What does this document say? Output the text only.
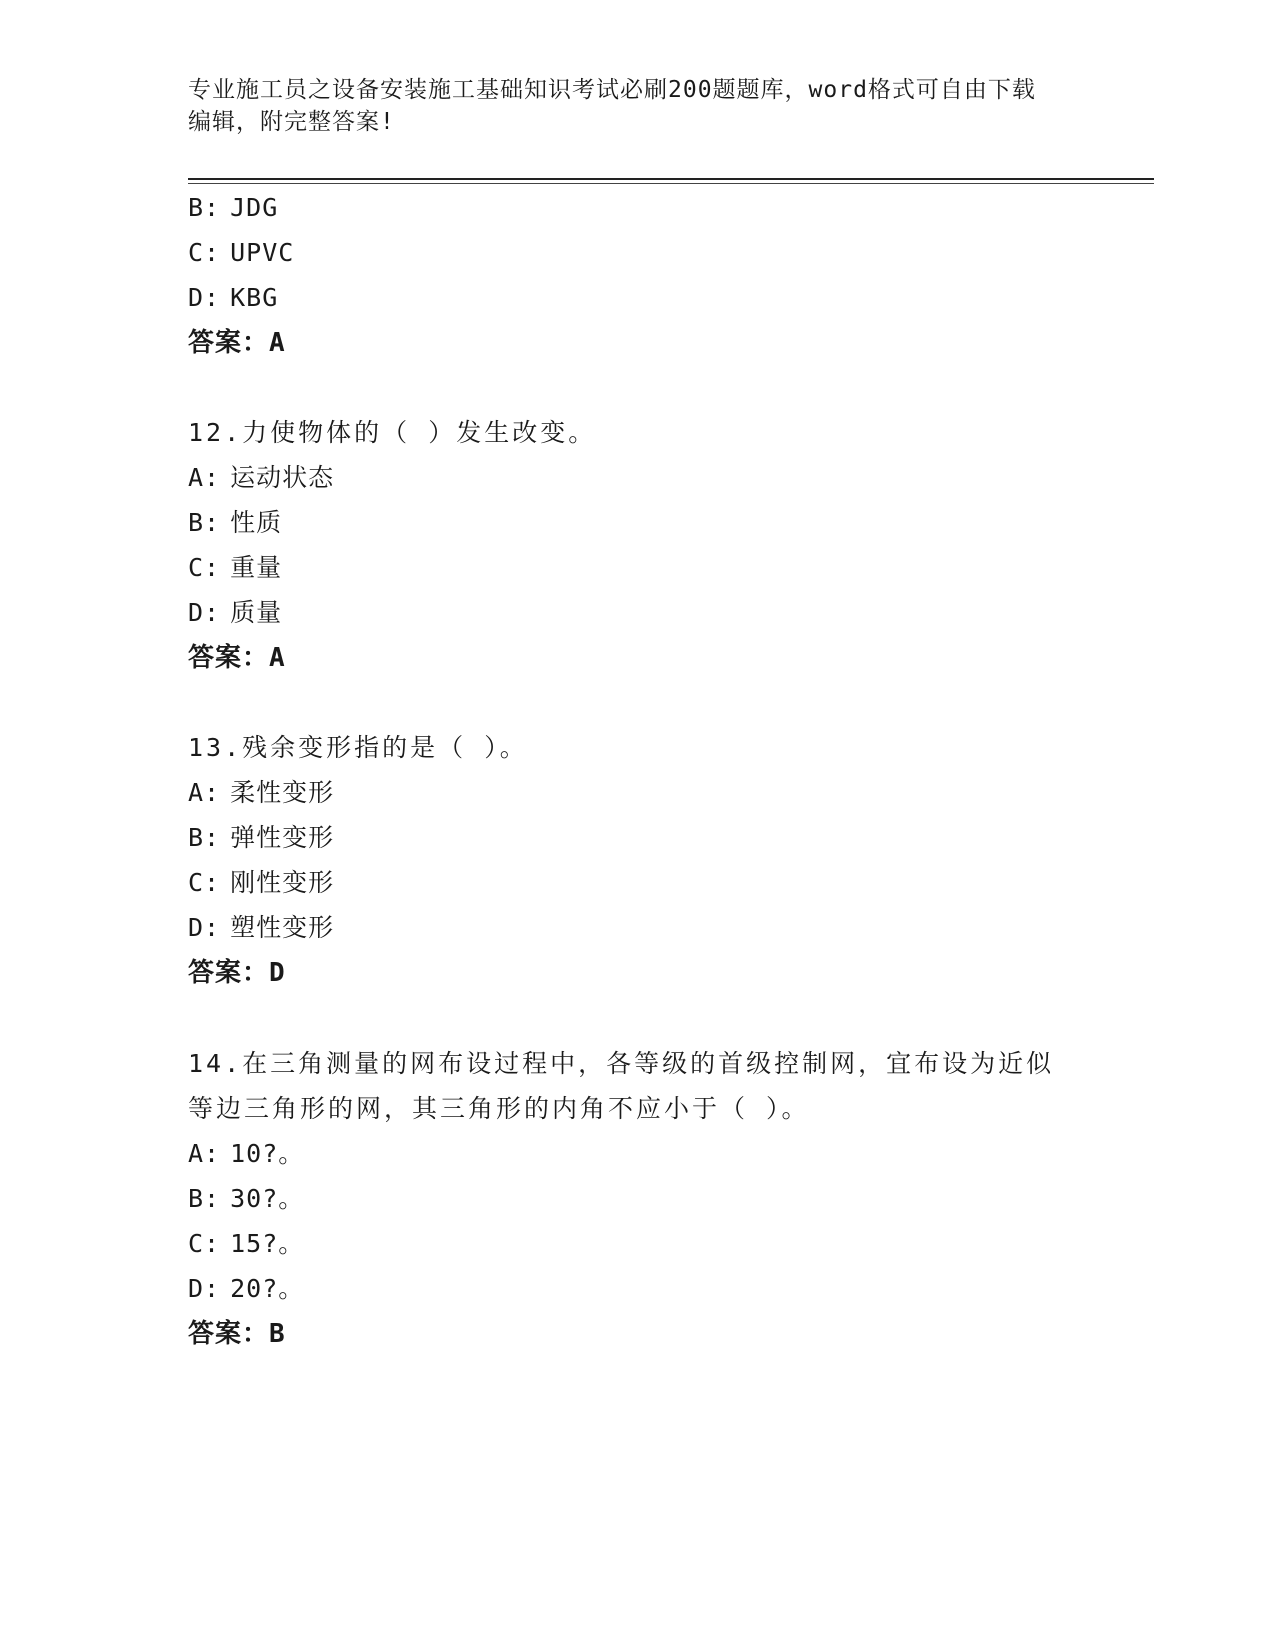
专业施工员之设备安装施工基础知识考试必刷200题题库，word格式可自由下载
编辑，附完整答案!
B: JDG
C: UPVC
D: KBG
答案：A
12.力使物体的（ ）发生改变。
A: 运动状态
B: 性质
C: 重量
D: 质量
答案：A
13.残余变形指的是（ ）。
A: 柔性变形
B: 弹性变形
C: 刚性变形
D: 塑性变形
答案：D
14.在三角测量的网布设过程中，各等级的首级控制网，宜布设为近似
等边三角形的网，其三角形的内角不应小于（ ）。
A: 10?。
B: 30?。
C: 15?。
D: 20?。
答案：B
